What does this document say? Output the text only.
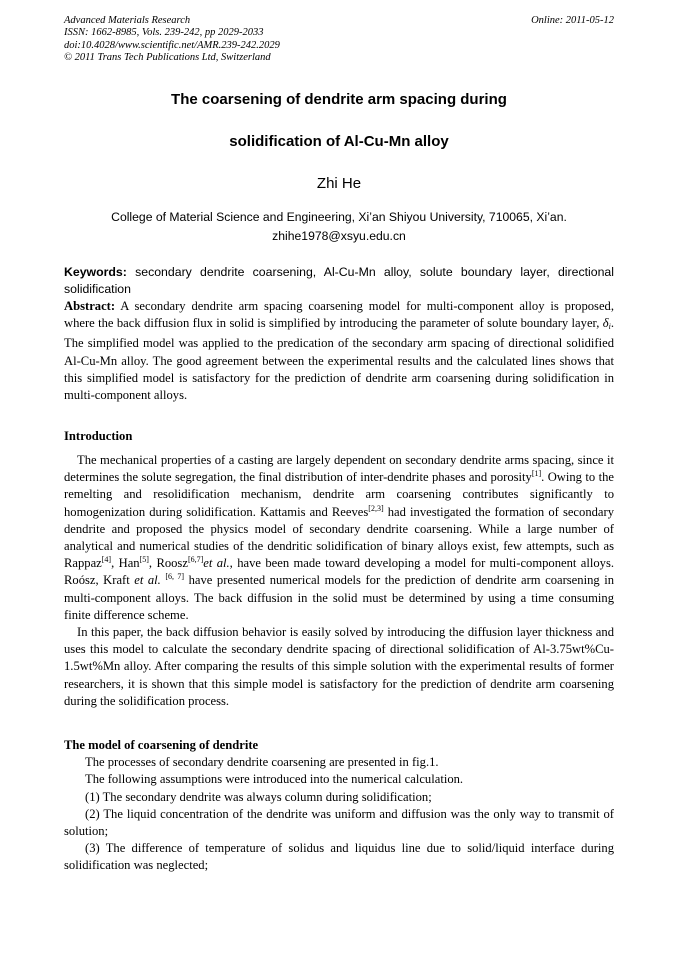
Advanced Materials Research
ISSN: 1662-8985, Vols. 239-242, pp 2029-2033
doi:10.4028/www.scientific.net/AMR.239-242.2029
© 2011 Trans Tech Publications Ltd, Switzerland
Online: 2011-05-12
The coarsening of dendrite arm spacing during
solidification of Al-Cu-Mn alloy
Zhi He
College of Material Science and Engineering, Xi’an Shiyou University, 710065, Xi’an.
zhihe1978@xsyu.edu.cn
Keywords: secondary dendrite coarsening, Al-Cu-Mn alloy, solute boundary layer, directional solidification
Abstract: A secondary dendrite arm spacing coarsening model for multi-component alloy is proposed, where the back diffusion flux in solid is simplified by introducing the parameter of solute boundary layer, $\delta_i$. The simplified model was applied to the predication of the secondary arm spacing of directional solidified Al-Cu-Mn alloy. The good agreement between the experimental results and the calculated lines shows that this simplified model is satisfactory for the prediction of dendrite arm coarsening during solidification in multi-component alloys.
Introduction

The mechanical properties of a casting are largely dependent on secondary dendrite arms spacing, since it determines the solute segregation, the final distribution of inter-dendrite phases and porosity[1]. Owing to the remelting and resolidification mechanism, dendrite arm coarsening contributes significantly to homogenization during solidification. Kattamis and Reeves[2,3] had investigated the formation of secondary dendrite and proposed the physics model of secondary dendrite coarsening. While a large number of analytical and numerical studies of the dendritic solidification of binary alloys exist, few attempts, such as Rappaz[4], Han[5], Roosz[6,7]et al., have been made toward developing a model for multi-component alloys. Roósz, Kraft et al. [6, 7] have presented numerical models for the prediction of dendrite arm coarsening in multi-component alloys. The back diffusion in the solid must be determined by using a time consuming finite difference scheme.

In this paper, the back diffusion behavior is easily solved by introducing the diffusion layer thickness and uses this model to calculate the secondary dendrite spacing of directional solidification of Al-3.75wt%Cu-1.5wt%Mn alloy. After comparing the results of this simple solution with the experimental results of former researchers, it is shown that this simple model is satisfactory for the prediction of dendrite arm coarsening during the solidification process.

The model of coarsening of dendrite

The processes of secondary dendrite coarsening are presented in fig.1.

The following assumptions were introduced into the numerical calculation.

(1) The secondary dendrite was always column during solidification;

(2) The liquid concentration of the dendrite was uniform and diffusion was the only way to transmit of solution;

(3) The difference of temperature of solidus and liquidus line due to solid/liquid interface during solidification was neglected;
